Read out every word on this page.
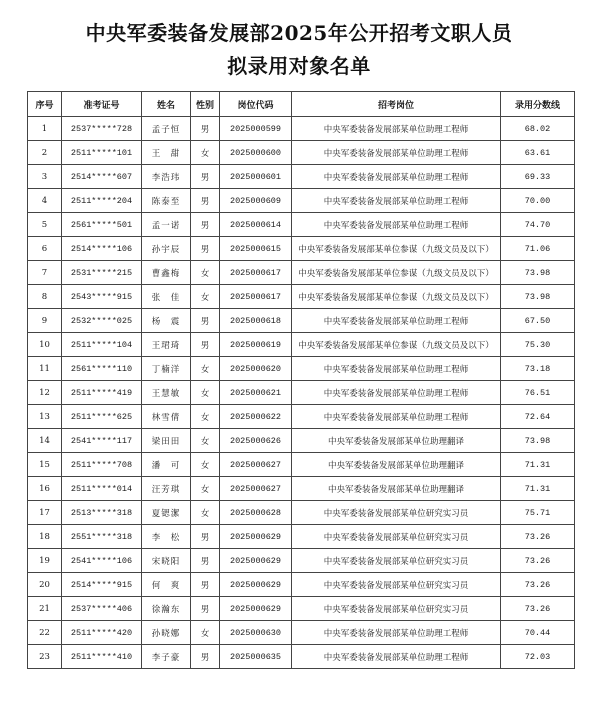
中央军委装备发展部2025年公开招考文职人员
拟录用对象名单
序号	准考证号	姓名	性别	岗位代码	招考岗位	录用分数线
1	2537*****728	孟子恒	男	2025000599	中央军委装备发展部某单位助理工程师	68.02
2	2511*****101	王　甜	女	2025000600	中央军委装备发展部某单位助理工程师	63.61
3	2514*****607	李浩玮	男	2025000601	中央军委装备发展部某单位助理工程师	69.33
4	2511*****204	陈泰至	男	2025000609	中央军委装备发展部某单位助理工程师	70.00
5	2561*****501	孟一诺	男	2025000614	中央军委装备发展部某单位助理工程师	74.70
6	2514*****106	孙宇辰	男	2025000615	中央军委装备发展部某单位参谋（九级文员及以下）	71.06
7	2531*****215	曹鑫梅	女	2025000617	中央军委装备发展部某单位参谋（九级文员及以下）	73.98
8	2543*****915	张　佳	女	2025000617	中央军委装备发展部某单位参谋（九级文员及以下）	73.98
9	2532*****025	杨　震	男	2025000618	中央军委装备发展部某单位助理工程师	67.50
10	2511*****104	王珺琦	男	2025000619	中央军委装备发展部某单位参谋（九级文员及以下）	75.30
11	2561*****110	丁楠洋	女	2025000620	中央军委装备发展部某单位助理工程师	73.18
12	2511*****419	王慧敏	女	2025000621	中央军委装备发展部某单位助理工程师	76.51
13	2511*****625	林雪倩	女	2025000622	中央军委装备发展部某单位助理工程师	72.64
14	2541*****117	梁田田	女	2025000626	中央军委装备发展部某单位助理翻译	73.98
15	2511*****708	潘　可	女	2025000627	中央军委装备发展部某单位助理翻译	71.31
16	2511*****014	汪芳琪	女	2025000627	中央军委装备发展部某单位助理翻译	71.31
17	2513*****318	夏锶潔	女	2025000628	中央军委装备发展部某单位研究实习员	75.71
18	2551*****318	李　松	男	2025000629	中央军委装备发展部某单位研究实习员	73.26
19	2541*****106	宋晓阳	男	2025000629	中央军委装备发展部某单位研究实习员	73.26
20	2514*****915	何　爽	男	2025000629	中央军委装备发展部某单位研究实习员	73.26
21	2537*****406	徐瀚东	男	2025000629	中央军委装备发展部某单位研究实习员	73.26
22	2511*****420	孙晓娜	女	2025000630	中央军委装备发展部某单位助理工程师	70.44
23	2511*****410	李子豪	男	2025000635	中央军委装备发展部某单位助理工程师	72.03
